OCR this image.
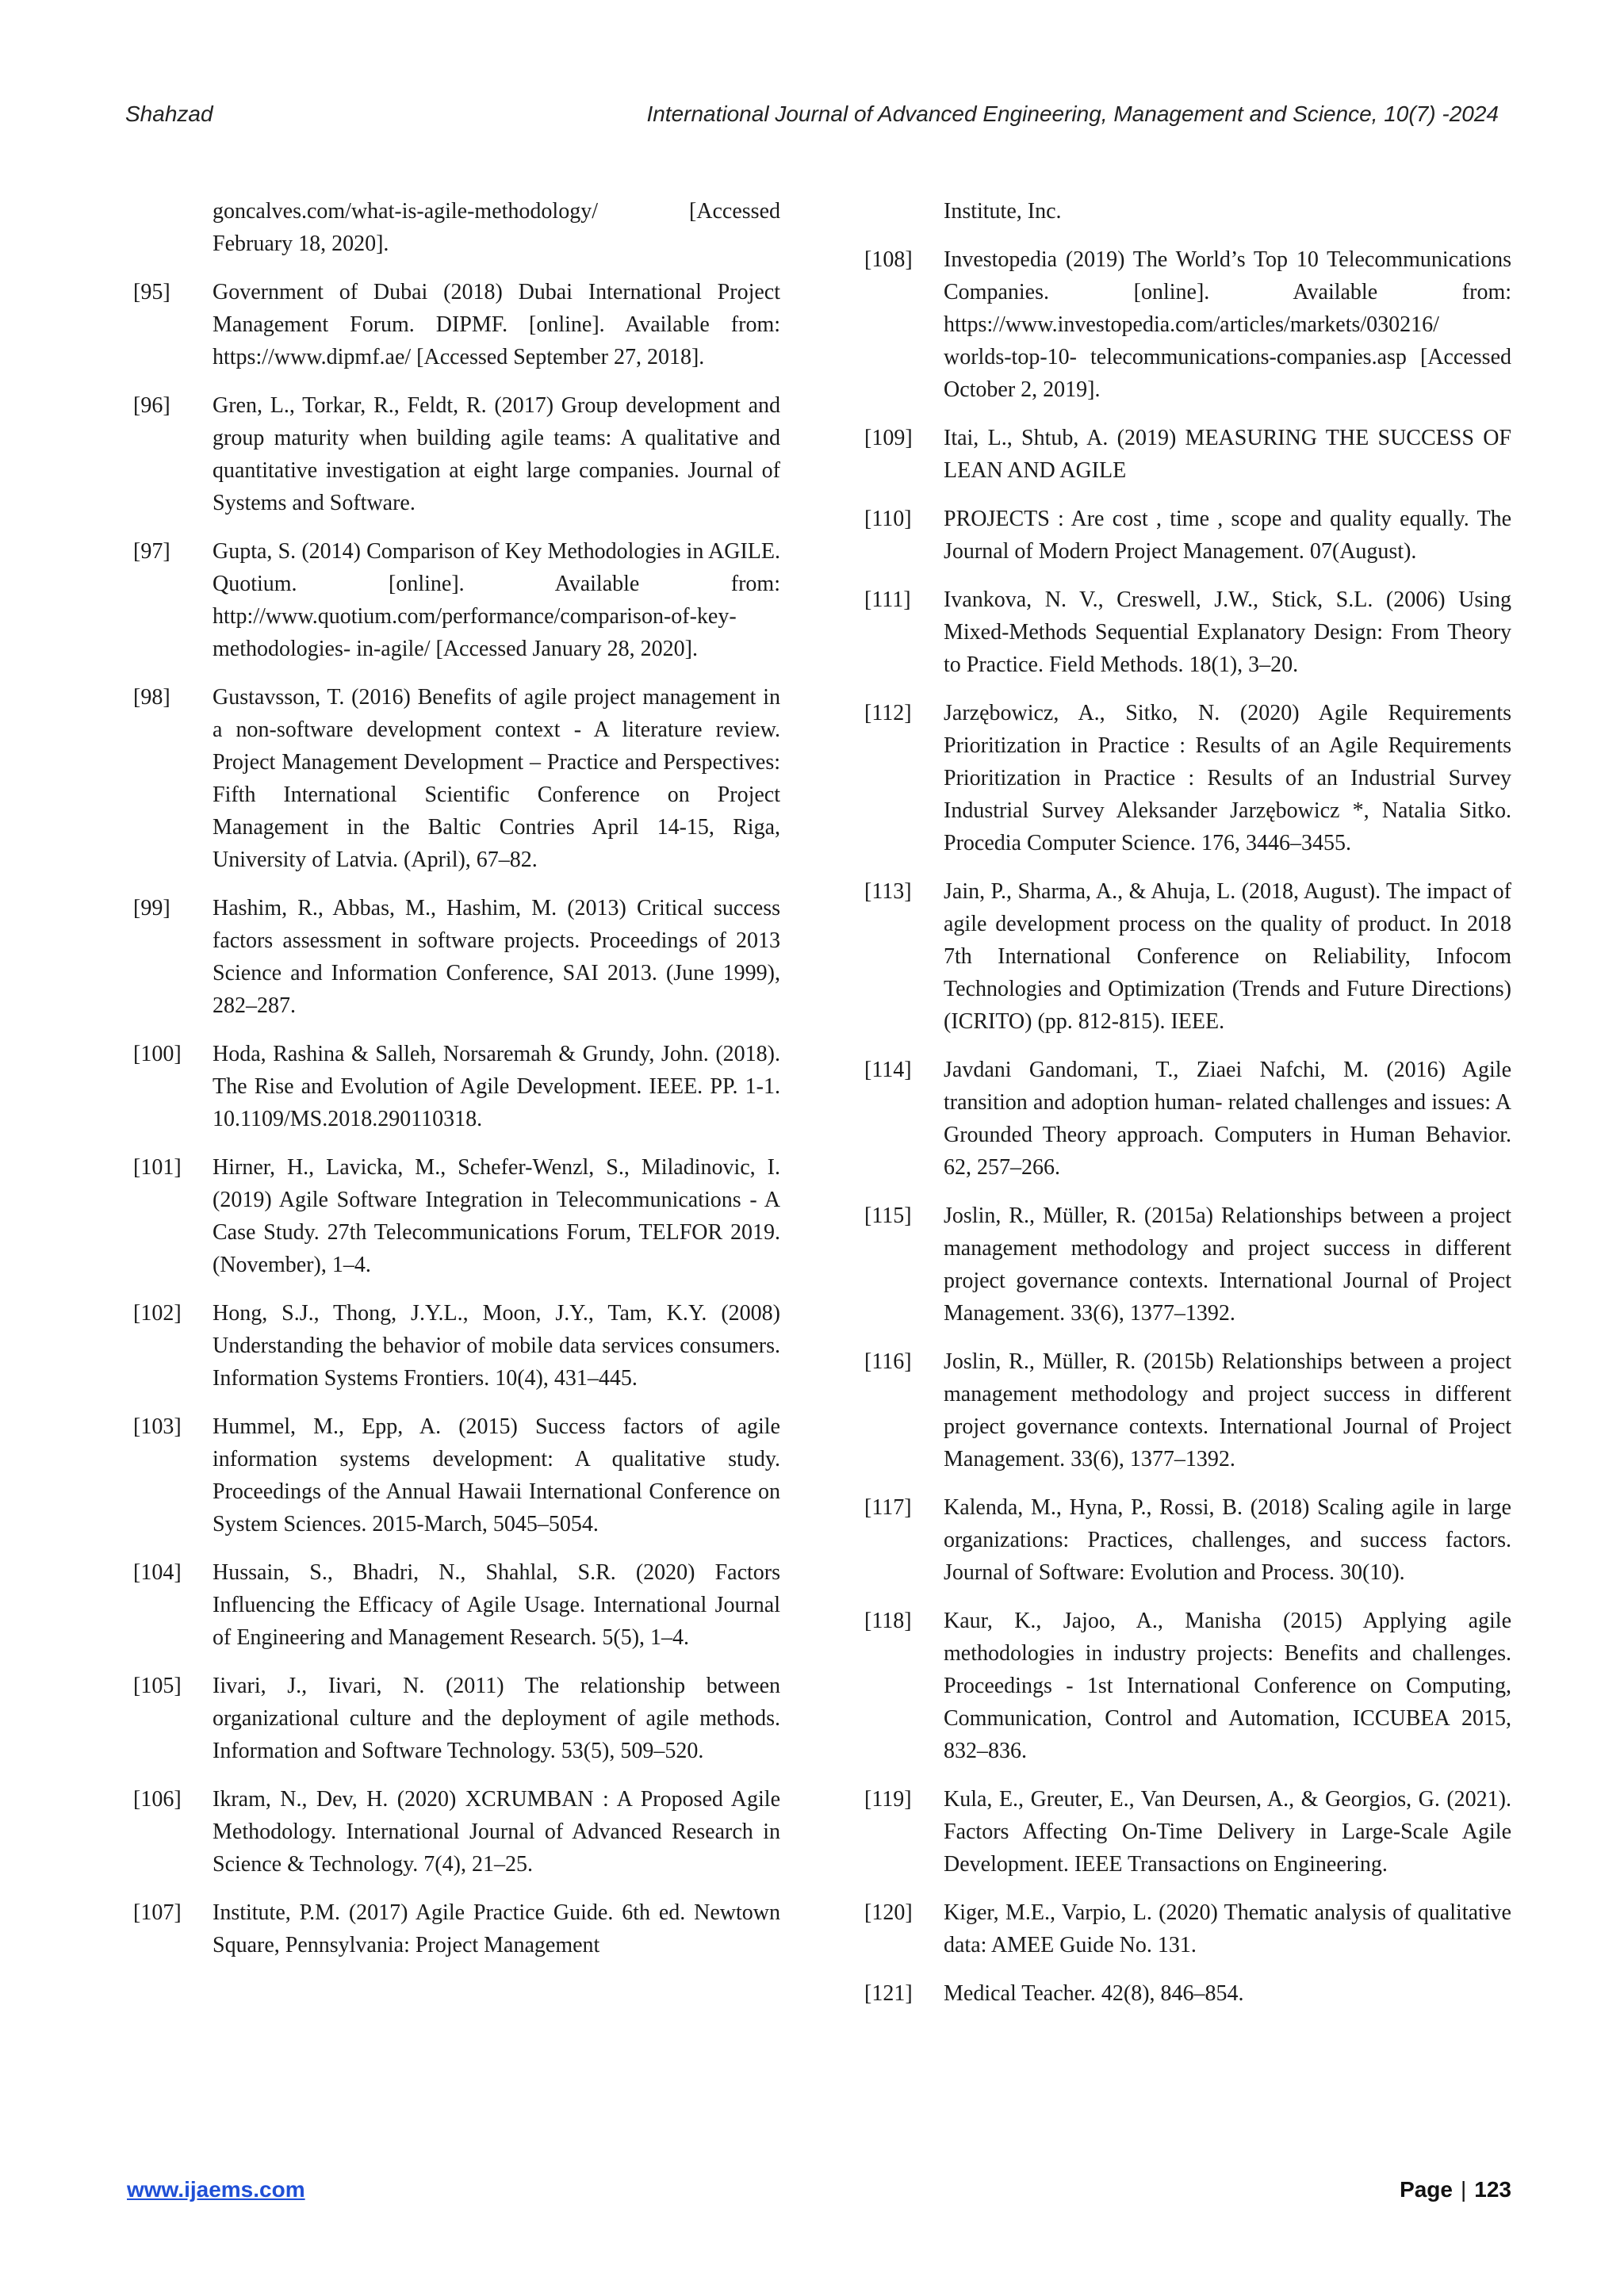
Shahzad	International Journal of Advanced Engineering, Management and Science, 10(7) -2024
goncalves.com/what-is-agile-methodology/ [Accessed February 18, 2020].
[95]	Government of Dubai (2018) Dubai International Project Management Forum. DIPMF. [online]. Available from: https://www.dipmf.ae/ [Accessed September 27, 2018].
[96]	Gren, L., Torkar, R., Feldt, R. (2017) Group development and group maturity when building agile teams: A qualitative and quantitative investigation at eight large companies. Journal of Systems and Software.
[97]	Gupta, S. (2014) Comparison of Key Methodologies in AGILE. Quotium. [online]. Available from: http://www.quotium.com/performance/comparison-of-key-methodologies- in-agile/ [Accessed January 28, 2020].
[98]	Gustavsson, T. (2016) Benefits of agile project management in a non-software development context - A literature review. Project Management Development – Practice and Perspectives: Fifth International Scientific Conference on Project Management in the Baltic Contries April 14-15, Riga, University of Latvia. (April), 67–82.
[99]	Hashim, R., Abbas, M., Hashim, M. (2013) Critical success factors assessment in software projects. Proceedings of 2013 Science and Information Conference, SAI 2013. (June 1999), 282–287.
[100]	Hoda, Rashina & Salleh, Norsaremah & Grundy, John. (2018). The Rise and Evolution of Agile Development. IEEE. PP. 1-1. 10.1109/MS.2018.290110318.
[101]	Hirner, H., Lavicka, M., Schefer-Wenzl, S., Miladinovic, I. (2019) Agile Software Integration in Telecommunications - A Case Study. 27th Telecommunications Forum, TELFOR 2019. (November), 1–4.
[102]	Hong, S.J., Thong, J.Y.L., Moon, J.Y., Tam, K.Y. (2008) Understanding the behavior of mobile data services consumers. Information Systems Frontiers. 10(4), 431–445.
[103]	Hummel, M., Epp, A. (2015) Success factors of agile information systems development: A qualitative study. Proceedings of the Annual Hawaii International Conference on System Sciences. 2015-March, 5045–5054.
[104]	Hussain, S., Bhadri, N., Shahlal, S.R. (2020) Factors Influencing the Efficacy of Agile Usage. International Journal of Engineering and Management Research. 5(5), 1–4.
[105]	Iivari, J., Iivari, N. (2011) The relationship between organizational culture and the deployment of agile methods. Information and Software Technology. 53(5), 509–520.
[106]	Ikram, N., Dev, H. (2020) XCRUMBAN : A Proposed Agile Methodology. International Journal of Advanced Research in Science & Technology. 7(4), 21–25.
[107]	Institute, P.M. (2017) Agile Practice Guide. 6th ed. Newtown Square, Pennsylvania: Project Management
Institute, Inc.
[108]	Investopedia (2019) The World’s Top 10 Telecommunications Companies. [online]. Available from: https://www.investopedia.com/articles/markets/030216/ worlds-top-10- telecommunications-companies.asp [Accessed October 2, 2019].
[109]	Itai, L., Shtub, A. (2019) MEASURING THE SUCCESS OF LEAN AND AGILE
[110]	PROJECTS : Are cost , time , scope and quality equally. The Journal of Modern Project Management. 07(August).
[111]	Ivankova, N. V., Creswell, J.W., Stick, S.L. (2006) Using Mixed-Methods Sequential Explanatory Design: From Theory to Practice. Field Methods. 18(1), 3–20.
[112]	Jarzębowicz, A., Sitko, N. (2020) Agile Requirements Prioritization in Practice : Results of an Agile Requirements Prioritization in Practice : Results of an Industrial Survey Industrial Survey Aleksander Jarzębowicz *, Natalia Sitko. Procedia Computer Science. 176, 3446–3455.
[113]	Jain, P., Sharma, A., & Ahuja, L. (2018, August). The impact of agile development process on the quality of product. In 2018 7th International Conference on Reliability, Infocom Technologies and Optimization (Trends and Future Directions) (ICRITO) (pp. 812-815). IEEE.
[114]	Javdani Gandomani, T., Ziaei Nafchi, M. (2016) Agile transition and adoption human- related challenges and issues: A Grounded Theory approach. Computers in Human Behavior. 62, 257–266.
[115]	Joslin, R., Müller, R. (2015a) Relationships between a project management methodology and project success in different project governance contexts. International Journal of Project Management. 33(6), 1377–1392.
[116]	Joslin, R., Müller, R. (2015b) Relationships between a project management methodology and project success in different project governance contexts. International Journal of Project Management. 33(6), 1377–1392.
[117]	Kalenda, M., Hyna, P., Rossi, B. (2018) Scaling agile in large organizations: Practices, challenges, and success factors. Journal of Software: Evolution and Process. 30(10).
[118]	Kaur, K., Jajoo, A., Manisha (2015) Applying agile methodologies in industry projects: Benefits and challenges. Proceedings - 1st International Conference on Computing, Communication, Control and Automation, ICCUBEA 2015, 832–836.
[119]	Kula, E., Greuter, E., Van Deursen, A., & Georgios, G. (2021). Factors Affecting On-Time Delivery in Large-Scale Agile Development. IEEE Transactions on Engineering.
[120]	Kiger, M.E., Varpio, L. (2020) Thematic analysis of qualitative data: AMEE Guide No. 131.
[121]	Medical Teacher. 42(8), 846–854.
www.ijaems.com	Page | 123
